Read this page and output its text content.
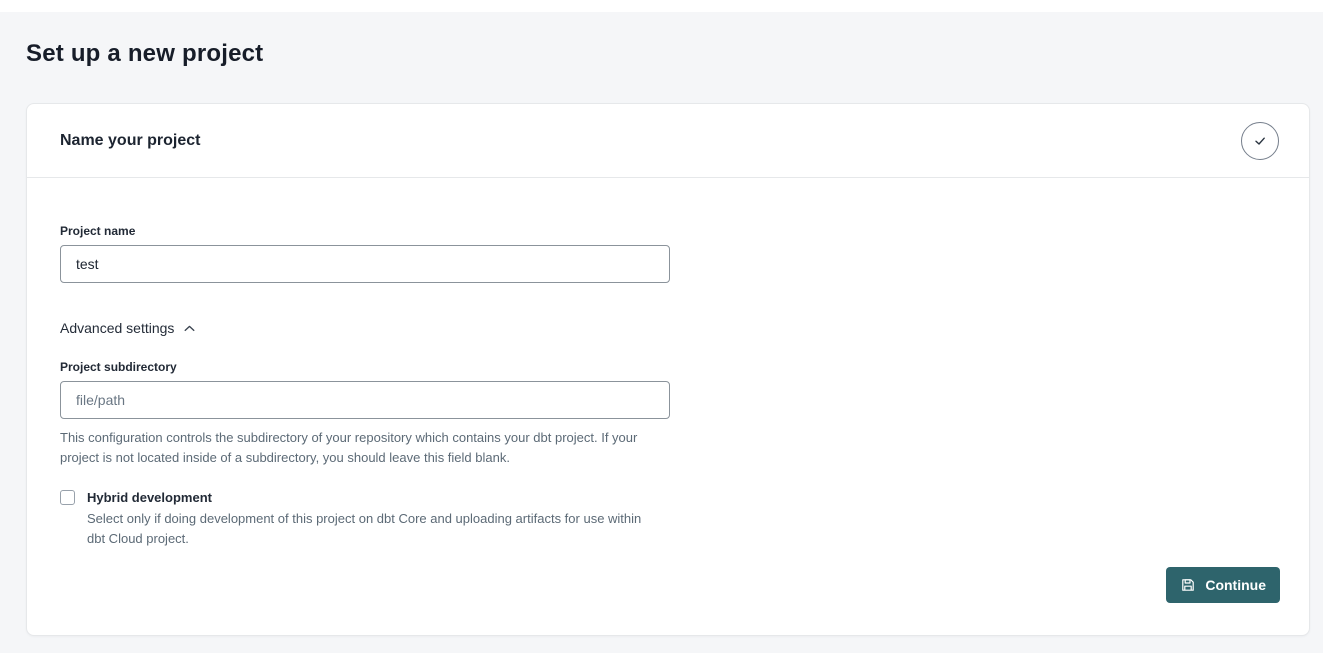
Set up a new project
Name your project
Project name
test
Advanced settings
Project subdirectory
file/path

This configuration controls the subdirectory of your repository which contains your dbt project. If your project is not located inside of a subdirectory, you should leave this field blank.

Hybrid development
Select only if doing development of this project on dbt Core and uploading artifacts for use within dbt Cloud project.
Continue
